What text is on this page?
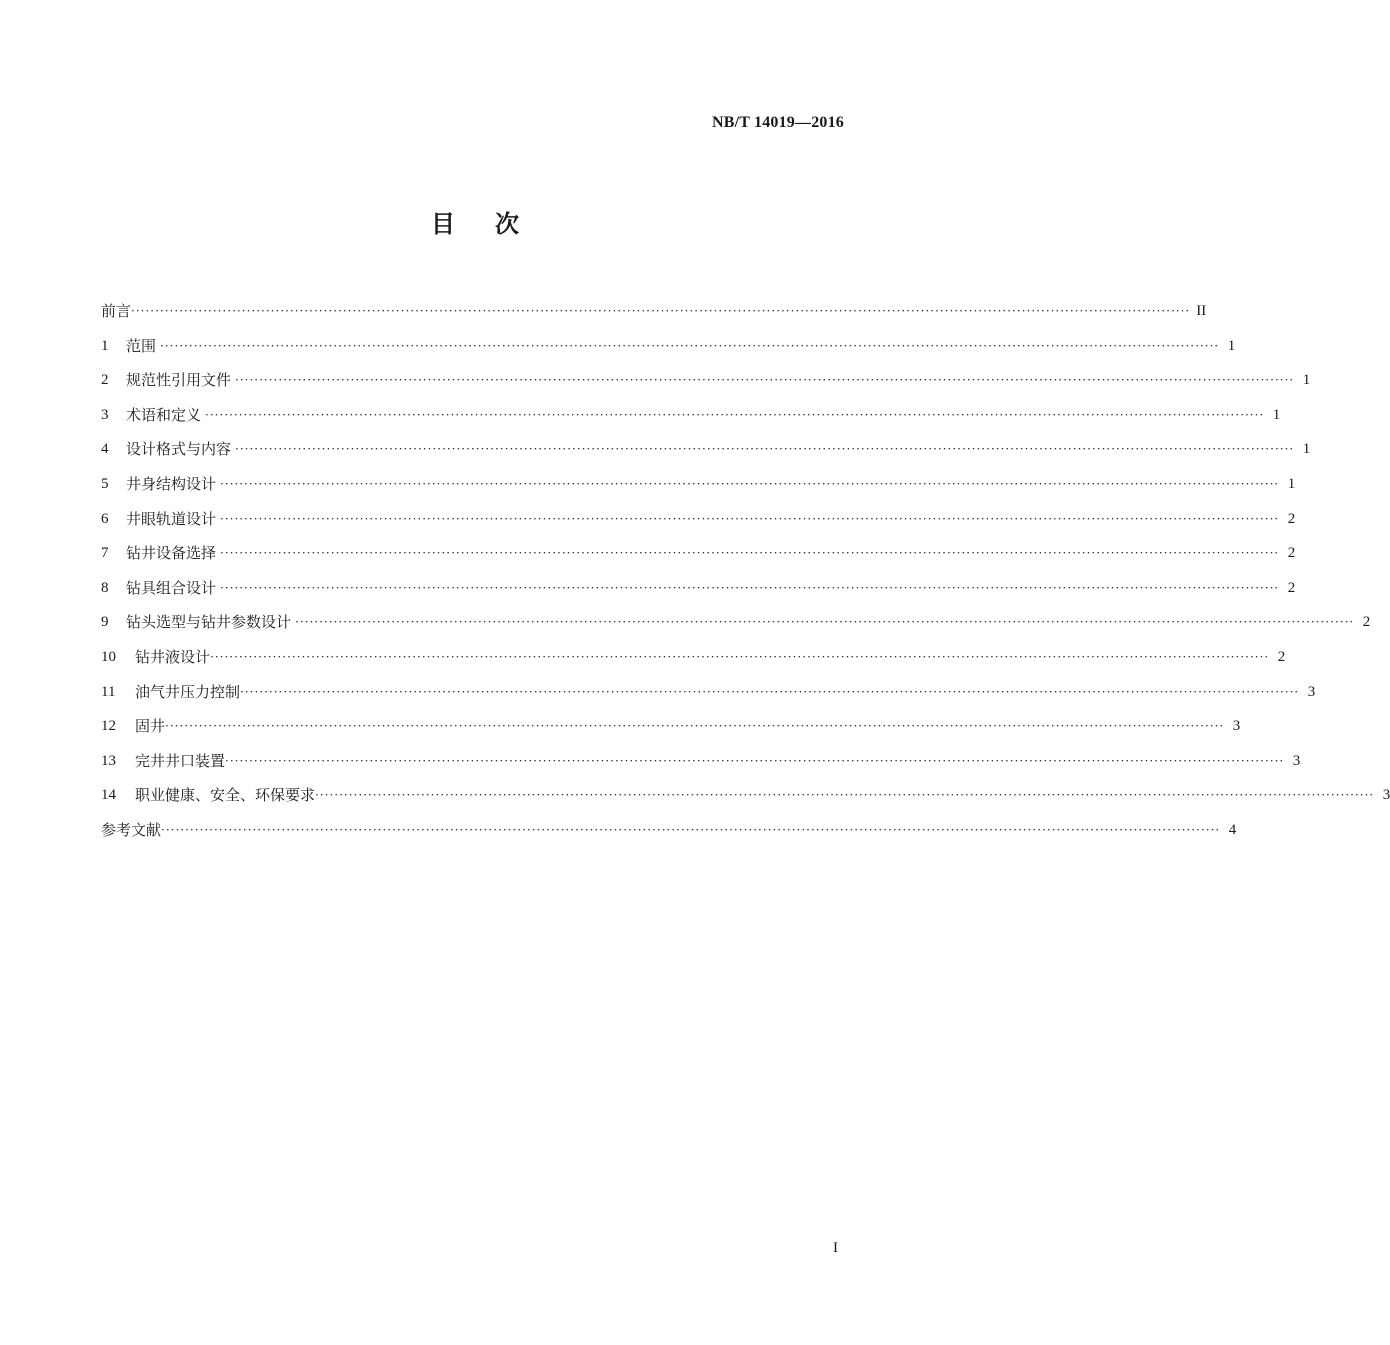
NB/T 14019—2016
目次
前言 ···························································································································································································································· II
1	范围 ···························································································································································································································· 1
2	规范性引用文件 ···························································································································································································································· 1
3	术语和定义 ···························································································································································································································· 1
4	设计格式与内容 ···························································································································································································································· 1
5	井身结构设计 ···························································································································································································································· 1
6	井眼轨道设计 ···························································································································································································································· 2
7	钻井设备选择 ···························································································································································································································· 2
8	钻具组合设计 ···························································································································································································································· 2
9	钻头选型与钻井参数设计 ···························································································································································································································· 2
10	钻井液设计 ···························································································································································································································· 2
11	油气井压力控制 ···························································································································································································································· 3
12	固井 ···························································································································································································································· 3
13	完井井口装置 ···························································································································································································································· 3
14	职业健康、安全、环保要求 ···························································································································································································································· 3
参考文献 ···························································································································································································································· 4
I
